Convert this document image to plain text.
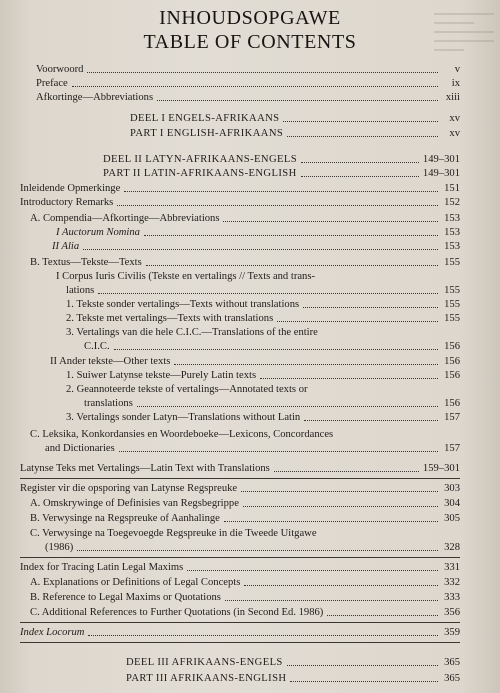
INHOUDSOPGAWE
TABLE OF CONTENTS
Voorwoord	v
Preface	ix
Afkortinge—Abbreviations	xiii
DEEL I ENGELS-AFRIKAANS	xv
PART I ENGLISH-AFRIKAANS	xv
DEEL II LATYN-AFRIKAANS-ENGELS	149–301
PART II LATIN-AFRIKAANS-ENGLISH	149–301
Inleidende Opmerkinge	151
Introductory Remarks	152
A. Compendia—Afkortinge—Abbreviations	153
I Auctorum Nomina	153
II Alia	153
B. Textus—Tekste—Texts	155
I Corpus Iuris Civilis (Tekste en vertalings // Texts and trans-
lations	155
1. Tekste sonder vertalings—Texts without translations	155
2. Tekste met vertalings—Texts with translations	155
3. Vertalings van die hele C.I.C.—Translations of the entire
C.I.C.	156
II Ander tekste—Other texts	156
1. Suiwer Latynse tekste—Purely Latin texts	156
2. Geannoteerde tekste of vertalings—Annotated texts or
translations	156
3. Vertalings sonder Latyn—Translations without Latin	157
C. Leksika, Konkordansies en Woordeboeke—Lexicons, Concordances
and Dictionaries	157
Latynse Teks met Vertalings—Latin Text with Translations	159–301
Register vir die opsporing van Latynse Regspreuke	303
A. Omskrywinge of Definisies van Regsbegrippe	304
B. Verwysinge na Regspreuke of Aanhalinge	305
C. Verwysinge na Toegevoegde Regspreuke in die Tweede Uitgawe
(1986)	328
Index for Tracing Latin Legal Maxims	331
A. Explanations or Definitions of Legal Concepts	332
B. Reference to Legal Maxims or Quotations	333
C. Additional References to Further Quotations (in Second Ed. 1986)	356
Index Locorum	359
DEEL III AFRIKAANS-ENGELS	365
PART III AFRIKAANS-ENGLISH	365
